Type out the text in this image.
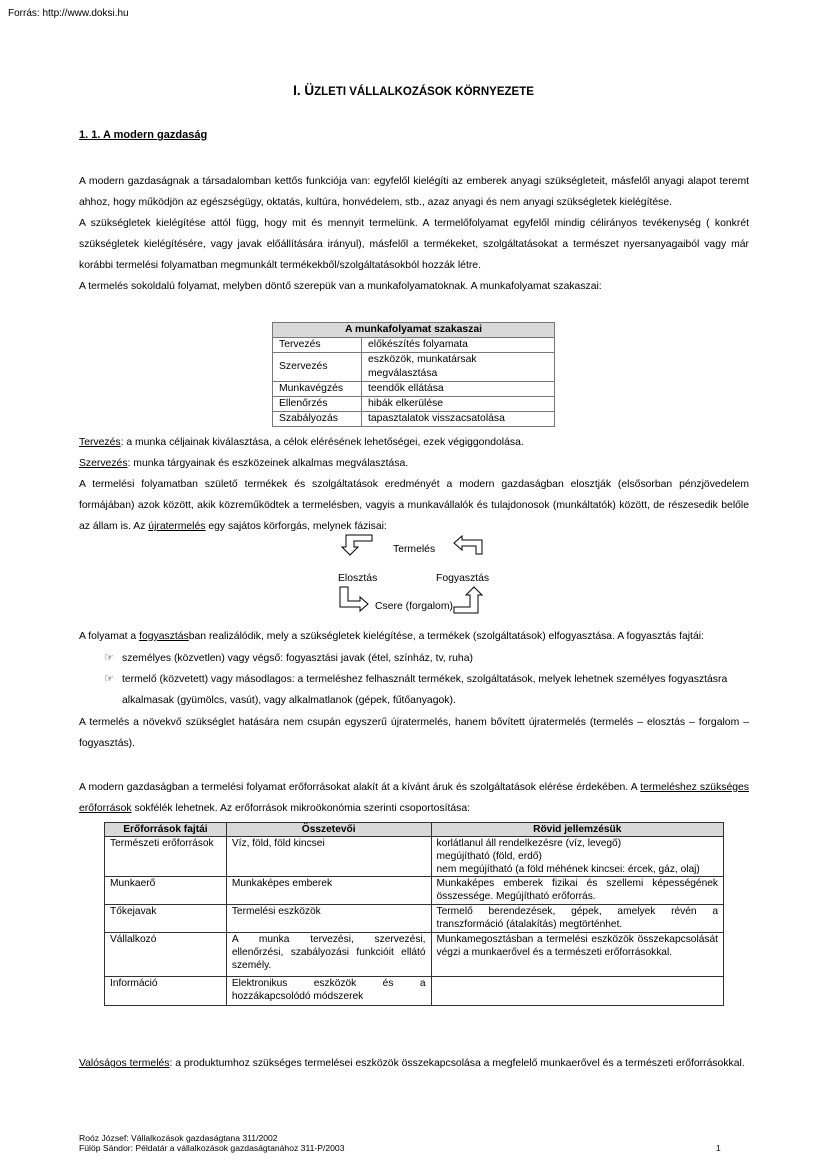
Forrás: http://www.doksi.hu
I. ÜZLETI VÁLLALKOZÁSOK KÖRNYEZETE
1. 1. A modern gazdaság

A modern gazdaságnak a társadalomban kettős funkciója van: egyfelől kielégíti az emberek anyagi szükségleteit, másfelől anyagi alapot teremt ahhoz, hogy működjön az egészségügy, oktatás, kultúra, honvédelem, stb., azaz anyagi és nem anyagi szükségletek kielégítése.

A szükségletek kielégítése attól függ, hogy mit és mennyit termelünk. A termelőfolyamat egyfelől mindig célirányos tevékenység ( konkrét szükségletek kielégítésére, vagy javak előállítására irányul), másfelől a termékeket, szolgáltatásokat a természet nyersanyagaiból vagy már korábbi termelési folyamatban megmunkált termékekből/szolgáltatásokból hozzák létre.

A termelés sokoldalú folyamat, melyben döntő szerepük van a munkafolyamatoknak. A munkafolyamat szakaszai:

A munkafolyamat szakaszai	
Tervezés	előkészítés folyamata
Szervezés	eszközök, munkatársak megválasztása
Munkavégzés	teendők ellátása
Ellenőrzés	hibák elkerülése
Szabályozás	tapasztalatok visszacsatolása

Tervezés: a munka céljainak kiválasztása, a célok elérésének lehetőségei, ezek végiggondolása.

Szervezés: munka tárgyainak és eszközeinek alkalmas megválasztása.

A termelési folyamatban születő termékek és szolgáltatások eredményét a modern gazdaságban elosztják (elsősorban pénzjövedelem formájában) azok között, akik közreműködtek a termelésben, vagyis a munkavállalók és tulajdonosok (munkáltatók) között, de részesedik belőle az állam is. Az újratermelés egy sajátos körforgás, melynek fázisai:

Termelés
Elosztás	Fogyasztás
Csere (forgalom)

A folyamat a fogyasztásban realizálódik, mely a szükségletek kielégítése, a termékek (szolgáltatások) elfogyasztása. A fogyasztás fajtái:

☞ személyes (közvetlen) vagy végső: fogyasztási javak (étel, színház, tv, ruha)
☞ termelő (közvetett) vagy másodlagos: a termeléshez felhasznált termékek, szolgáltatások, melyek lehetnek személyes fogyasztásra
alkalmasak (gyümölcs, vasút), vagy alkalmatlanok (gépek, fűtőanyagok).

A termelés a növekvő szükséglet hatására nem csupán egyszerű újratermelés, hanem bővített újratermelés (termelés – elosztás – forgalom – fogyasztás).

A modern gazdaságban a termelési folyamat erőforrásokat alakít át a kívánt áruk és szolgáltatások elérése érdekében. A termeléshez szükséges erőforrások sokfélék lehetnek. Az erőforrások mikroökonómia szerinti csoportosítása:

Erőforrások fajtái	Összetevői	Rövid jellemzésük
Természeti erőforrások	Víz, föld, föld kincsei	korlátlanul áll rendelkezésre (víz, levegő)
megújítható (föld, erdő)
nem megújítható (a föld méhének kincsei: ércek, gáz, olaj)
Munkaerő	Munkaképes emberek	Munkaképes emberek fizikai és szellemi képességének összessége. Megújítható erőforrás.
Tőkejavak	Termelési eszközök	Termelő berendezések, gépek, amelyek révén a transzformáció (átalakítás) megtörténhet.
Vállalkozó	A munka tervezési, szervezési, ellenőrzési, szabályozási funkcióit ellátó személy.	Munkamegosztásban a termelési eszközök összekapcsolását végzi a munkaerővel és a természeti erőforrásokkal.
Információ	Elektronikus eszközök és a hozzákapcsolódó módszerek	

Valóságos termelés: a produktumhoz szükséges termelései eszközök összekapcsolása a megfelelő munkaerővel és a természeti erőforrásokkal.

Roóz József: Vállalkozások gazdaságtana 311/2002
Fülöp Sándor: Példatár a vállalkozások gazdaságtanához 311-P/2003	1
